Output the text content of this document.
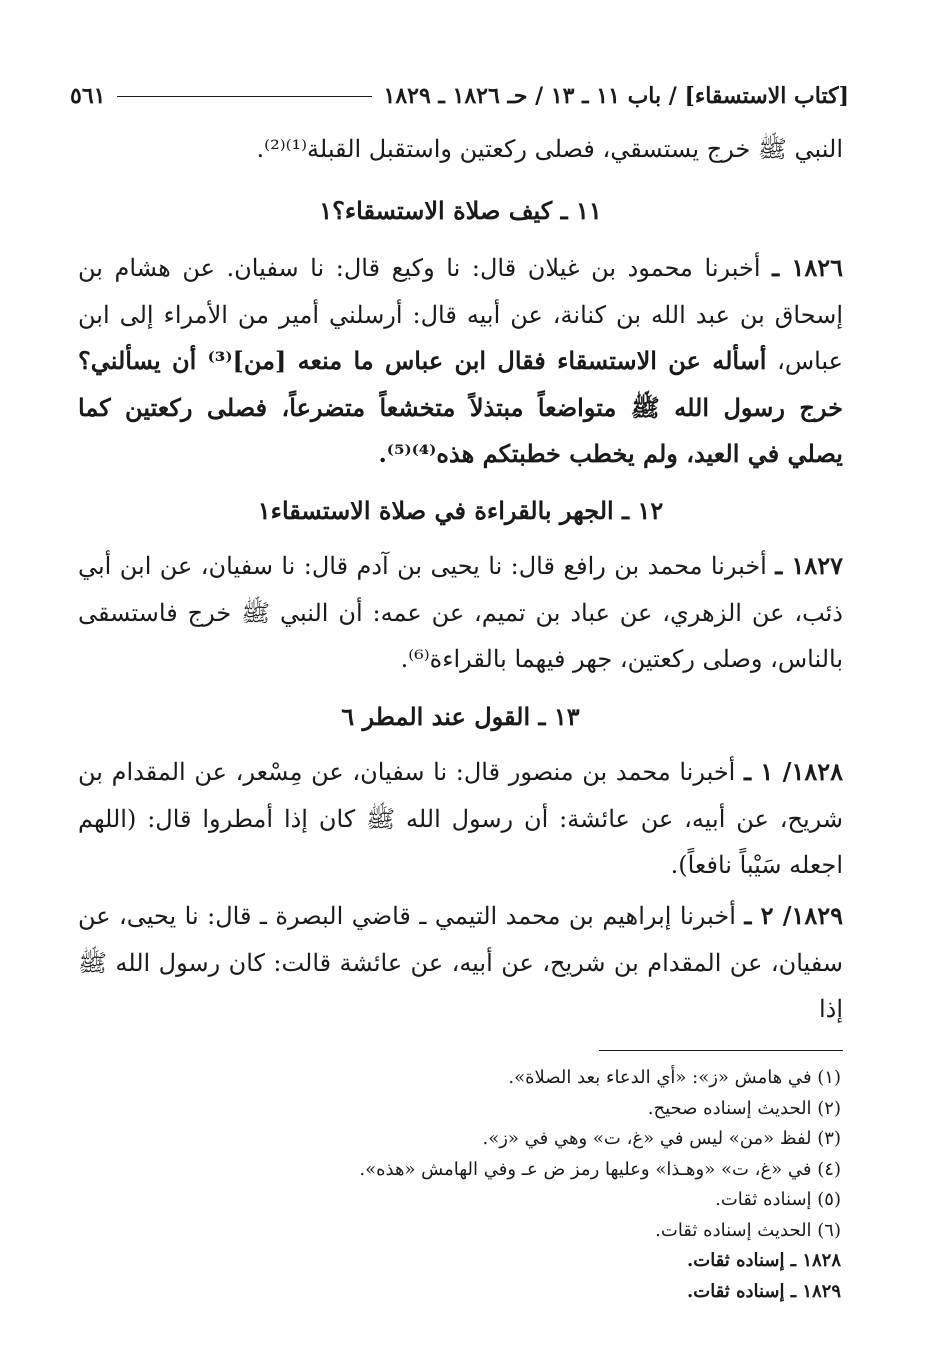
[كتاب الاستسقاء] / باب ١١ ـ ١٣ / حـ ١٨٢٦ ـ ١٨٢٩
٥٦١

النبي ﷺ خرج يستسقي، فصلى ركعتين واستقبل القبلة⁽¹⁾⁽²⁾.

١١ ـ كيف صلاة الاستسقاء؟١

١٨٢٦ ـ أخبرنا محمود بن غيلان قال: نا وكيع قال: نا سفيان. عن هشام بن إسحاق بن عبد الله بن كنانة، عن أبيه قال: أرسلني أمير من الأمراء إلى ابن عباس، أسأله عن الاستسقاء فقال ابن عباس ما منعه [من]⁽³⁾ أن يسألني؟ خرج رسول الله ﷺ متواضعاً مبتذلاً متخشعاً متضرعاً، فصلى ركعتين كما يصلي في العيد، ولم يخطب خطبتكم هذه⁽⁴⁾⁽⁵⁾.

١٢ ـ الجهر بالقراءة في صلاة الاستسقاء١

١٨٢٧ ـ أخبرنا محمد بن رافع قال: نا يحيى بن آدم قال: نا سفيان، عن ابن أبي ذئب، عن الزهري، عن عباد بن تميم، عن عمه: أن النبي ﷺ خرج فاستسقى بالناس، وصلى ركعتين، جهر فيهما بالقراءة⁽⁶⁾.

١٣ ـ القول عند المطر ٦

١٨٢٨/ ١ ـ أخبرنا محمد بن منصور قال: نا سفيان، عن مِسْعر، عن المقدام بن شريح، عن أبيه، عن عائشة: أن رسول الله ﷺ كان إذا أمطروا قال: (اللهم اجعله سَيْباً نافعاً).

١٨٢٩/ ٢ ـ أخبرنا إبراهيم بن محمد التيمي ـ قاضي البصرة ـ قال: نا يحيى، عن سفيان، عن المقدام بن شريح، عن أبيه، عن عائشة قالت: كان رسول الله ﷺ إذا

(١) في هامش «ز»: «أي الدعاء بعد الصلاة».
(٢) الحديث إسناده صحيح.
(٣) لفظ «من» ليس في «غ، ت» وهي في «ز».
(٤) في «غ، ت» «وهـذا» وعليها رمز ض عـ وفي الهامش «هذه».
(٥) إسناده ثقات.
(٦) الحديث إسناده ثقات.
١٨٢٨ ـ إسناده ثقات.
١٨٢٩ ـ إسناده ثقات.
